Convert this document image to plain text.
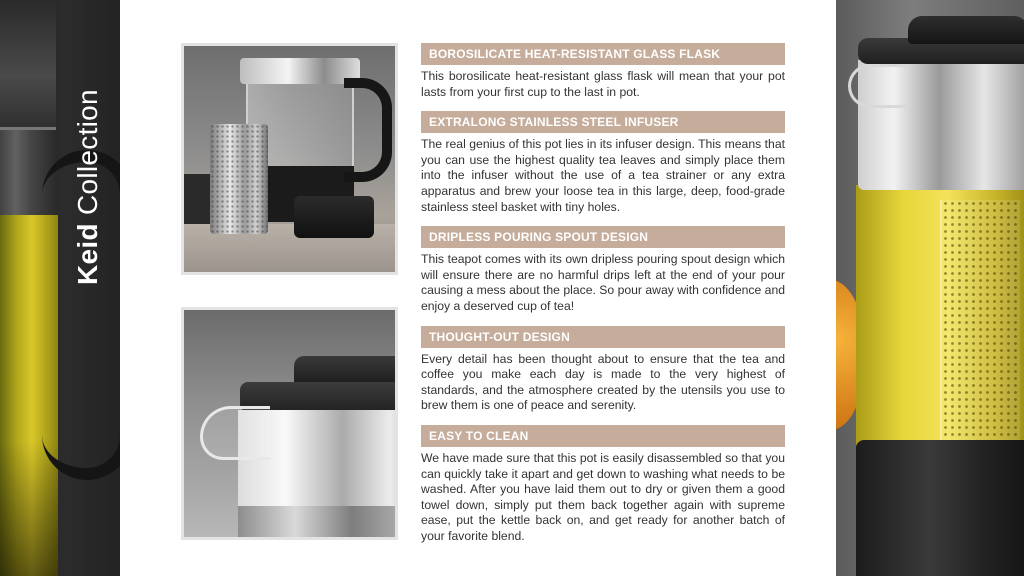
Keid Collection
BOROSILICATE HEAT-RESISTANT GLASS FLASK

This borosilicate heat-resistant glass flask will mean that your pot lasts from your first cup to the last in pot.

EXTRALONG STAINLESS STEEL INFUSER

The real genius of this pot lies in its infuser design. This means that you can use the highest quality tea leaves and simply place them into the infuser without the use of a tea strainer or any extra apparatus and brew your loose tea in this large, deep, food-grade stainless steel basket with tiny holes.

DRIPLESS POURING SPOUT DESIGN

This teapot comes with its own dripless pouring spout design which will ensure there are no harmful drips left at the end of your pour causing a mess about the place. So pour away with confidence and enjoy a deserved cup of tea!

THOUGHT-OUT DESIGN

Every detail has been thought about to ensure that the tea and coffee you make each day is made to the very highest of standards, and the atmosphere created by the utensils you use to brew them is one of peace and serenity.

EASY TO CLEAN

We have made sure that this pot is easily disassembled so that you can quickly take it apart and get down to washing what needs to be washed. After you have laid them out to dry or given them a good towel down, simply put them back together again with supreme ease, put the kettle back on, and get ready for another batch of your favorite blend.
